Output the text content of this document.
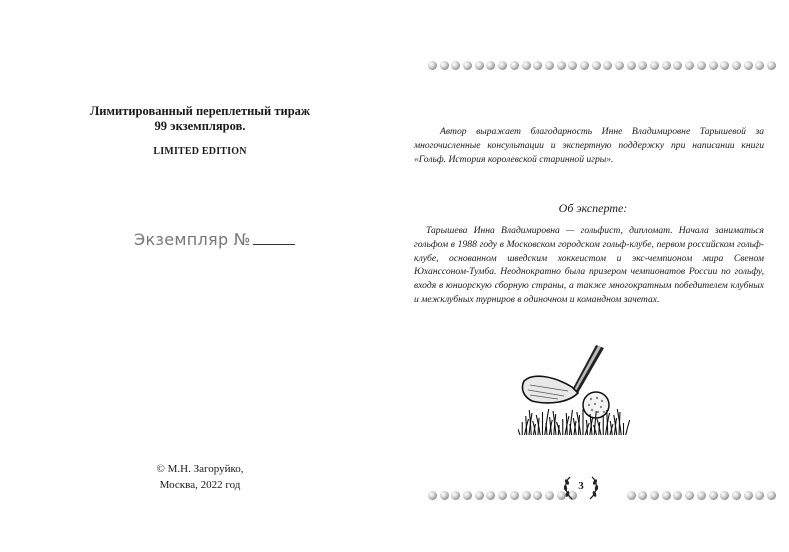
Лимитированный переплетный тираж
99 экземпляров.
LIMITED EDITION
Экземпляр №
© М.Н. Загоруйко,
Москва, 2022 год
Автор выражает благодарность Инне Владимировне Тарышевой за многочисленные консультации и экспертную поддержку при написании книги «Гольф. История королевской старинной игры».
Об эксперте:
Тарышева Инна Владимировна — гольфист, дипломат. Начала заниматься гольфом в 1988 году в Московском городском гольф-клубе, первом российском гольф-клубе, основанном шведским хоккеистом и экс-чемпионом мира Свеном Юханссоном-Тумба. Неоднократно была призером чемпионатов России по гольфу, входя в юниорскую сборную страны, а также многократным победителем клубных и межклубных турниров в одиночном и командном зачетах.
3
